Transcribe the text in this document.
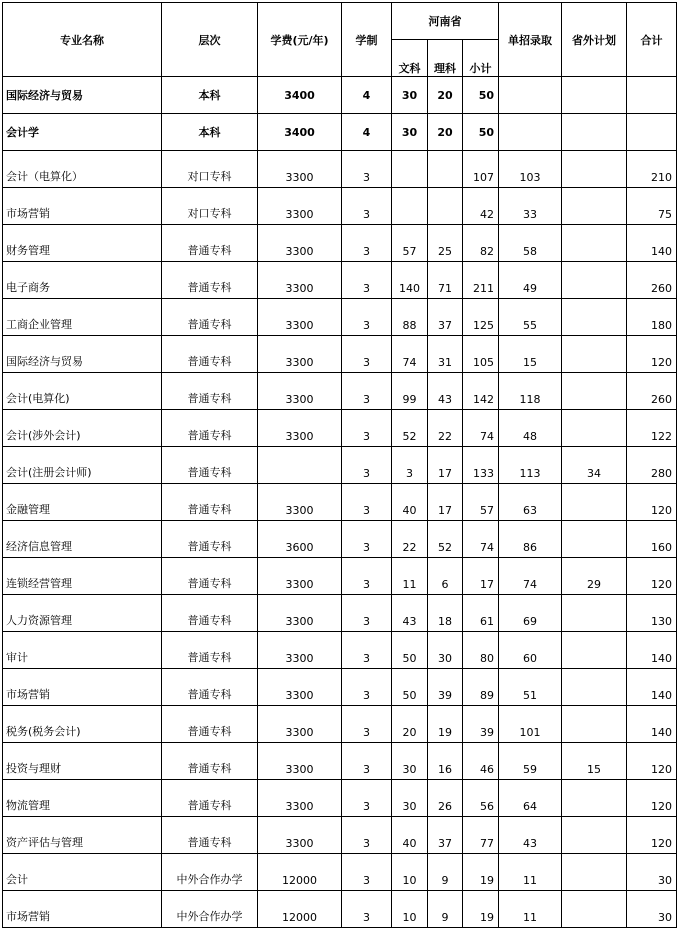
专业名称	层次	学费(元/年)	学制	河南省			单招录取	省外计划	合计
				文科	理科	小计			
国际经济与贸易	本科	3400	4	30	20	50			
会计学	本科	3400	4	30	20	50			
会计（电算化）	对口专科	3300	3			107	103		210
市场营销	对口专科	3300	3			42	33		75
财务管理	普通专科	3300	3	57	25	82	58		140
电子商务	普通专科	3300	3	140	71	211	49		260
工商企业管理	普通专科	3300	3	88	37	125	55		180
国际经济与贸易	普通专科	3300	3	74	31	105	15		120
会计(电算化)	普通专科	3300	3	99	43	142	118		260
会计(涉外会计)	普通专科	3300	3	52	22	74	48		122
会计(注册会计师)	普通专科		3	3	17	133	113	34	280
金融管理	普通专科	3300	3	40	17	57	63		120
经济信息管理	普通专科	3600	3	22	52	74	86		160
连锁经营管理	普通专科	3300	3	11	6	17	74	29	120
人力资源管理	普通专科	3300	3	43	18	61	69		130
审计	普通专科	3300	3	50	30	80	60		140
市场营销	普通专科	3300	3	50	39	89	51		140
税务(税务会计)	普通专科	3300	3	20	19	39	101		140
投资与理财	普通专科	3300	3	30	16	46	59	15	120
物流管理	普通专科	3300	3	30	26	56	64		120
资产评估与管理	普通专科	3300	3	40	37	77	43		120
会计	中外合作办学	12000	3	10	9	19	11		30
市场营销	中外合作办学	12000	3	10	9	19	11		30
